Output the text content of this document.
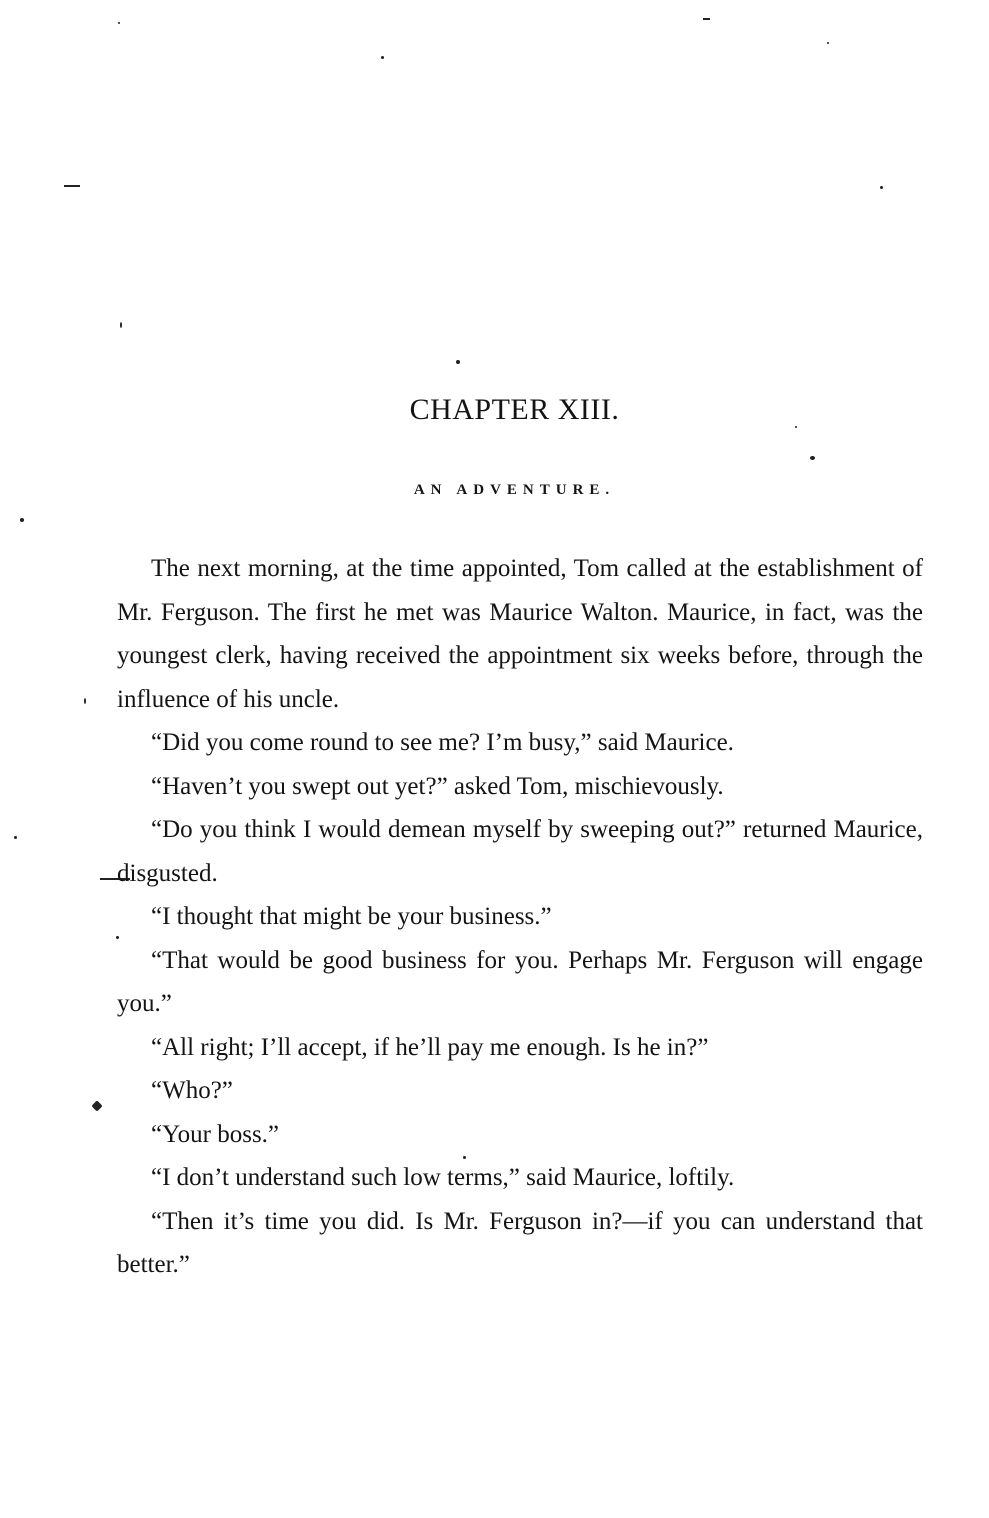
CHAPTER XIII.
AN ADVENTURE.

The next morning, at the time appointed, Tom called at the establishment of Mr. Ferguson. The first he met was Maurice Walton. Maurice, in fact, was the youngest clerk, having received the appointment six weeks before, through the influence of his uncle.

“Did you come round to see me? I’m busy,” said Maurice.

“Haven’t you swept out yet?” asked Tom, mischievously.

“Do you think I would demean myself by sweeping out?” returned Maurice, disgusted.

“I thought that might be your business.”

“That would be good business for you. Perhaps Mr. Ferguson will engage you.”

“All right; I’ll accept, if he’ll pay me enough. Is he in?”

“Who?”

“Your boss.”

“I don’t understand such low terms,” said Maurice, loftily.

“Then it’s time you did. Is Mr. Ferguson in?—if you can understand that better.”
